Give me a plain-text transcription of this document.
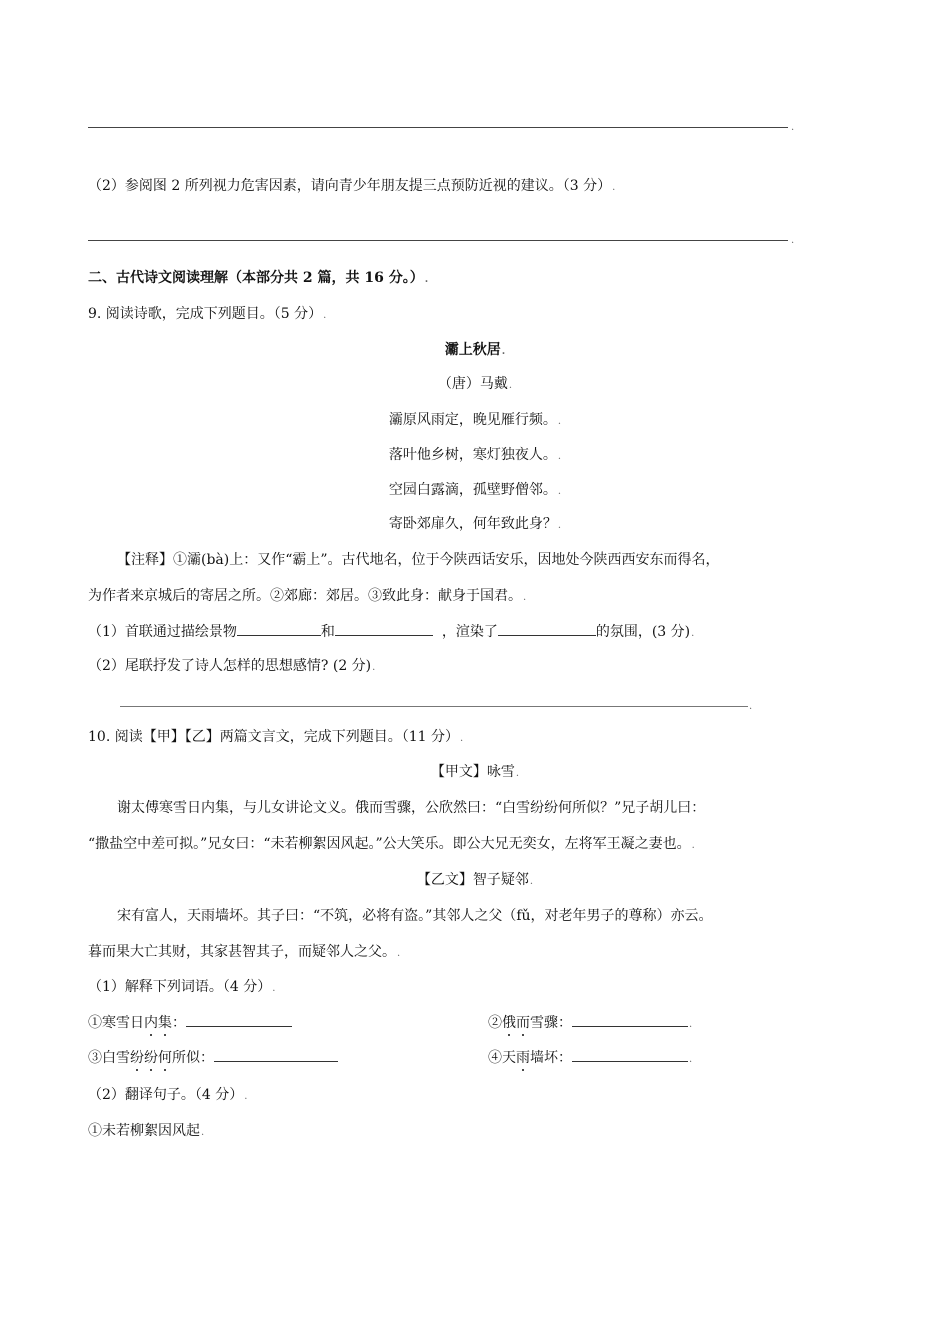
.
（2）参阅图 2 所列视力危害因素，请向青少年朋友提三点预防近视的建议。（3 分）.
.
二、古代诗文阅读理解（本部分共 2 篇，共 16 分。）.
9. 阅读诗歌，完成下列题目。（5 分）.
灞上秋居.
（唐）马戴.
灞原风雨定，晚见雁行频。.
落叶他乡树，寒灯独夜人。.
空园白露滴，孤壁野僧邻。.
寄卧郊扉久，何年致此身？.
【注释】①灞(bà)上：又作“霸上”。古代地名，位于今陕西话安乐，因地处今陕西西安东而得名，
为作者来京城后的寄居之所。②郊廊：郊居。③致此身：献身于国君。.
（1）首联通过描绘景物	和	，渲染了	的氛围，(3 分).
（2）尾联抒发了诗人怎样的思想感情? (2 分).
.
10. 阅读【甲】【乙】两篇文言文，完成下列题目。（11 分）.
【甲文】咏雪.
谢太傅寒雪日内集，与儿女讲论文义。俄而雪骤，公欣然曰：“白雪纷纷何所似？”兄子胡儿曰：
“撒盐空中差可拟。”兄女曰：“未若柳絮因风起。”公大笑乐。即公大兄无奕女，左将军王凝之妻也。.
【乙文】智子疑邻.
宋有富人，天雨墙坏。其子曰：“不筑，必将有盗。”其邻人之父（fǔ，对老年男子的尊称）亦云。
暮而果大亡其财，其家甚智其子，而疑邻人之父。.
（1）解释下列词语。（4 分）.
①寒雪日内集：	②俄而雪骤：	.
③白雪纷纷何所似：	④天雨墙坏：	.
（2）翻译句子。（4 分）.
①未若柳絮因风起.
